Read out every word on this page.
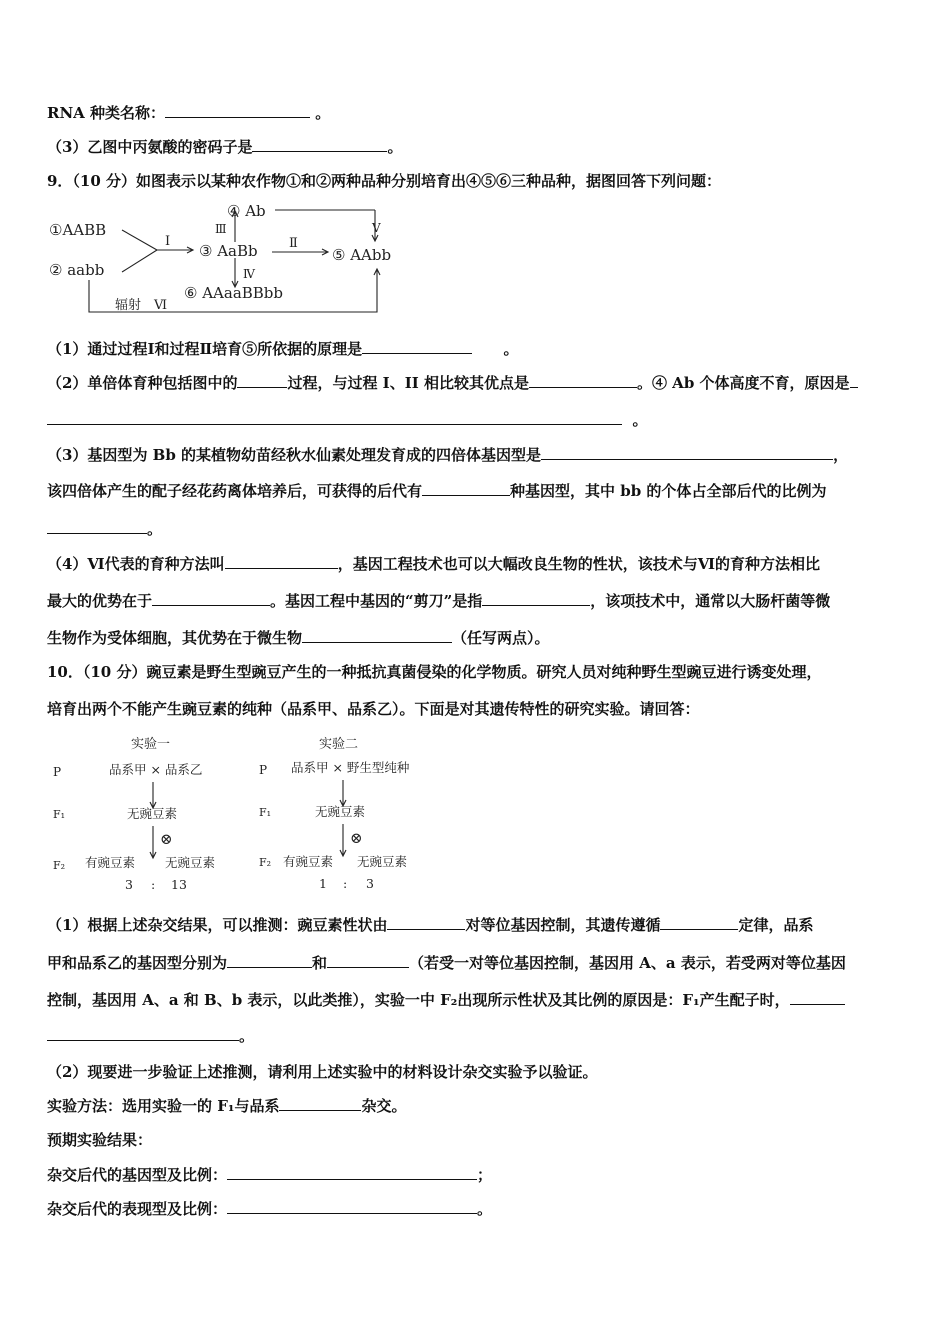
RNA 种类名称：	。
（3）乙图中丙氨酸的密码子是	。
9．（10 分）如图表示以某种农作物①和②两种品种分别培育出④⑤⑥三种品种，据图回答下列问题：
①AABB
② aabb
Ⅰ
③ AaBb
Ⅲ
④ Ab
Ⅴ
Ⅱ
⑤ AAbb
Ⅳ
⑥ AAaaBBbb
辐射　Ⅵ
（1）通过过程Ⅰ和过程Ⅱ培育⑤所依据的原理是	。
（2）单倍体育种包括图中的	过程，与过程 I、II 相比较其优点是	。④ Ab 个体高度不育，原因是
。
（3）基因型为 Bb 的某植物幼苗经秋水仙素处理发育成的四倍体基因型是	，
该四倍体产生的配子经花药离体培养后，可获得的后代有	种基因型，其中 bb 的个体占全部后代的比例为
。
（4）Ⅵ代表的育种方法叫	，基因工程技术也可以大幅改良生物的性状，该技术与Ⅵ的育种方法相比
最大的优势在于	。基因工程中基因的“剪刀”是指	，该项技术中，通常以大肠杆菌等微
生物作为受体细胞，其优势在于微生物	（任写两点）。
10．（10 分）豌豆素是野生型豌豆产生的一种抵抗真菌侵染的化学物质。研究人员对纯种野生型豌豆进行诱变处理，
培育出两个不能产生豌豆素的纯种（品系甲、品系乙）。下面是对其遗传特性的研究实验。请回答：
实验一
P	品系甲 × 品系乙
F₁	无豌豆素
⊗
F₂ 有豌豆素 无豌豆素
3 : 13
实验二
P 品系甲 × 野生型纯种
F₁	无豌豆素
⊗
F₂ 有豌豆素 无豌豆素
1 : 3
（1）根据上述杂交结果，可以推测：豌豆素性状由	对等位基因控制，其遗传遵循	定律，品系
甲和品系乙的基因型分别为	和	（若受一对等位基因控制，基因用 A、a 表示，若受两对等位基因
控制，基因用 A、a 和 B、b 表示，以此类推），实验一中 F₂出现所示性状及其比例的原因是：F₁产生配子时，
。
（2）现要进一步验证上述推测，请利用上述实验中的材料设计杂交实验予以验证。
实验方法：选用实验一的 F₁与品系	杂交。
预期实验结果：
杂交后代的基因型及比例：	；
杂交后代的表现型及比例：	。
